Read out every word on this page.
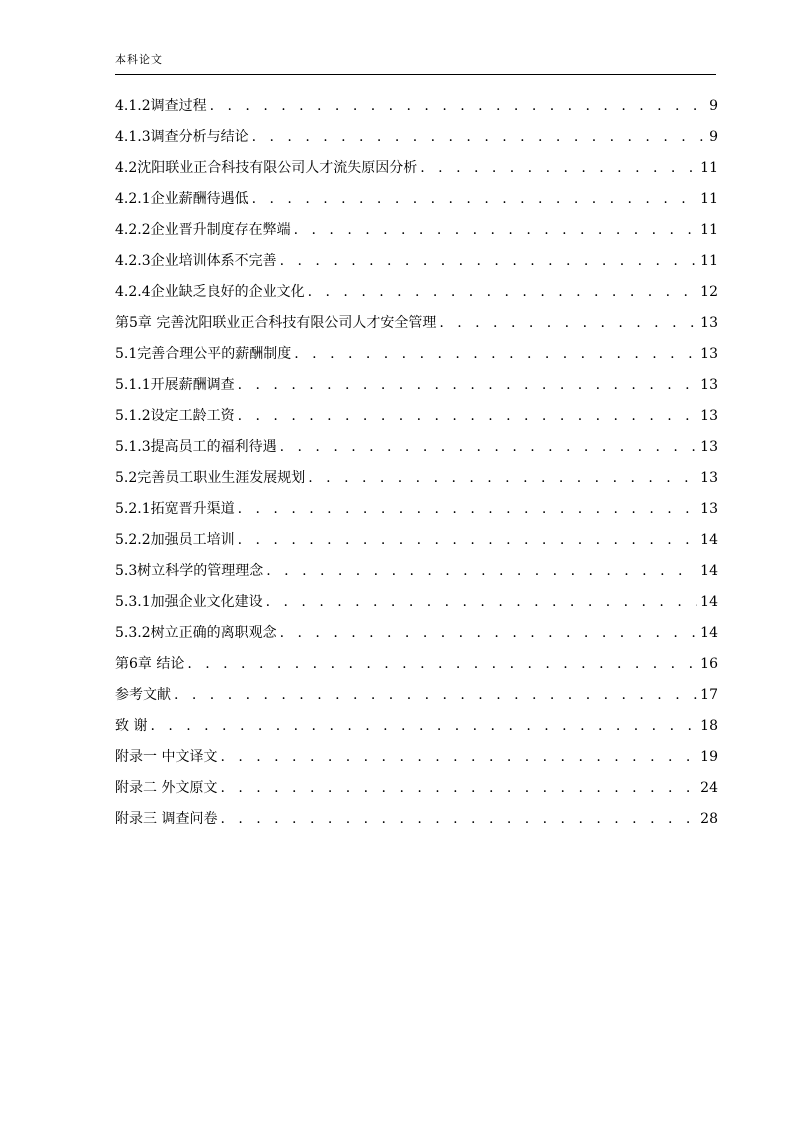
本科论文
4.1.2调查过程 . . .	9
4.1.3调查分析与结论 . . .	9
4.2沈阳联业正合科技有限公司人才流失原因分析 . . .	11
4.2.1企业薪酬待遇低 . . .	11
4.2.2企业晋升制度存在弊端 . . .	11
4.2.3企业培训体系不完善 . . .	11
4.2.4企业缺乏良好的企业文化 . . .	12
第5章 完善沈阳联业正合科技有限公司人才安全管理 . . .	13
5.1完善合理公平的薪酬制度 . . .	13
5.1.1开展薪酬调查 . . .	13
5.1.2设定工龄工资 . . .	13
5.1.3提高员工的福利待遇 . . .	13
5.2完善员工职业生涯发展规划 . . .	13
5.2.1拓宽晋升渠道 . . .	13
5.2.2加强员工培训 . . .	14
5.3树立科学的管理理念 . . .	14
5.3.1加强企业文化建设 . . .	14
5.3.2树立正确的离职观念 . . .	14
第6章 结论 . . .	16
参考文献 . . .	17
致 谢 . . .	18
附录一 中文译文 . . .	19
附录二 外文原文 . . .	24
附录三 调查问卷 . . .	28
